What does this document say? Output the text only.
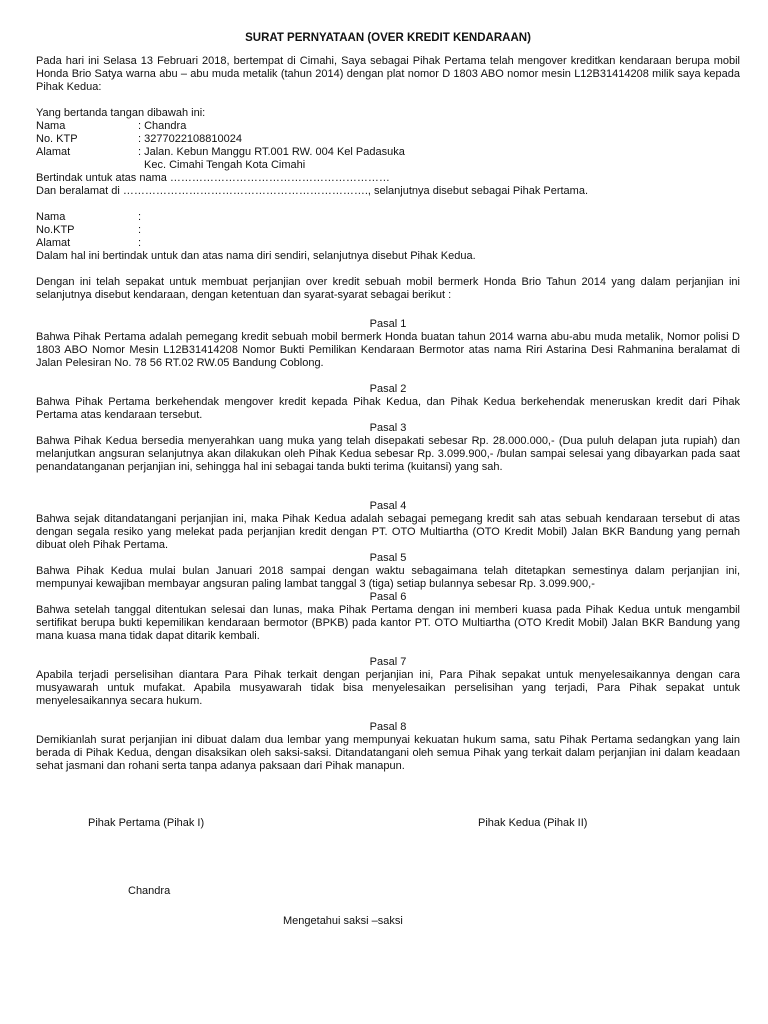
SURAT PERNYATAAN (OVER KREDIT KENDARAAN)

Pada hari ini Selasa 13 Februari 2018, bertempat di Cimahi, Saya sebagai Pihak Pertama telah mengover kreditkan kendaraan berupa mobil Honda Brio Satya warna abu – abu muda metalik (tahun 2014) dengan plat nomor D 1803 ABO nomor mesin L12B31414208 milik saya kepada Pihak Kedua:

Yang bertanda tangan dibawah ini:

Nama	: Chandra
No. KTP	: 3277022108810024
Alamat	: Jalan. Kebun Manggu RT.001 RW. 004 Kel Padasuka
Kec. Cimahi Tengah Kota Cimahi

Bertindak untuk atas nama ……………………………………………………

Dan beralamat di …………………………………………………………., selanjutnya disebut sebagai Pihak Pertama.

Nama	:
No.KTP	:
Alamat	:

Dalam hal ini bertindak untuk dan atas nama diri sendiri, selanjutnya disebut Pihak Kedua.

Dengan ini telah sepakat untuk membuat perjanjian over kredit sebuah mobil bermerk Honda Brio Tahun 2014 yang dalam perjanjian ini selanjutnya disebut kendaraan, dengan ketentuan dan syarat-syarat sebagai berikut :

Pasal 1

Bahwa Pihak Pertama adalah pemegang kredit sebuah mobil bermerk Honda buatan tahun 2014 warna abu-abu muda metalik, Nomor polisi D 1803 ABO Nomor Mesin L12B31414208 Nomor Bukti Pemilikan Kendaraan Bermotor atas nama Riri Astarina Desi Rahmanina beralamat di Jalan Pelesiran No. 78 56 RT.02 RW.05 Bandung Coblong.

Pasal 2

Bahwa Pihak Pertama berkehendak mengover kredit kepada Pihak Kedua, dan Pihak Kedua berkehendak meneruskan kredit dari Pihak Pertama atas kendaraan tersebut.

Pasal 3

Bahwa Pihak Kedua bersedia menyerahkan uang muka yang telah disepakati sebesar Rp. 28.000.000,- (Dua puluh delapan juta rupiah) dan melanjutkan angsuran selanjutnya akan dilakukan oleh Pihak Kedua sebesar Rp. 3.099.900,- /bulan sampai selesai yang dibayarkan pada saat penandatanganan perjanjian ini, sehingga hal ini sebagai tanda bukti terima (kuitansi) yang sah.

Pasal 4

Bahwa sejak ditandatangani perjanjian ini, maka Pihak Kedua adalah sebagai pemegang kredit sah atas sebuah kendaraan tersebut di atas dengan segala resiko yang melekat pada perjanjian kredit dengan PT. OTO Multiartha (OTO Kredit Mobil) Jalan BKR Bandung yang pernah dibuat oleh Pihak Pertama.

Pasal 5

Bahwa Pihak Kedua mulai bulan Januari 2018 sampai dengan waktu sebagaimana telah ditetapkan semestinya dalam perjanjian ini, mempunyai kewajiban membayar angsuran paling lambat tanggal 3 (tiga) setiap bulannya sebesar Rp. 3.099.900,-

Pasal 6

Bahwa setelah tanggal ditentukan selesai dan lunas, maka Pihak Pertama dengan ini memberi kuasa pada Pihak Kedua untuk mengambil sertifikat berupa bukti kepemilikan kendaraan bermotor (BPKB) pada kantor PT. OTO Multiartha (OTO Kredit Mobil) Jalan BKR Bandung yang mana kuasa mana tidak dapat ditarik kembali.

Pasal 7

Apabila terjadi perselisihan diantara Para Pihak terkait dengan perjanjian ini, Para Pihak sepakat untuk menyelesaikannya dengan cara musyawarah untuk mufakat. Apabila musyawarah tidak bisa menyelesaikan perselisihan yang terjadi, Para Pihak sepakat untuk menyelesaikannya secara hukum.

Pasal 8

Demikianlah surat perjanjian ini dibuat dalam dua lembar yang mempunyai kekuatan hukum sama, satu Pihak Pertama sedangkan yang lain berada di Pihak Kedua, dengan disaksikan oleh saksi-saksi. Ditandatangani oleh semua Pihak yang terkait dalam perjanjian ini dalam keadaan sehat jasmani dan rohani serta tanpa adanya paksaan dari Pihak manapun.

Pihak Pertama (Pihak I)	Pihak Kedua (Pihak II)
Chandra
Mengetahui saksi –saksi
